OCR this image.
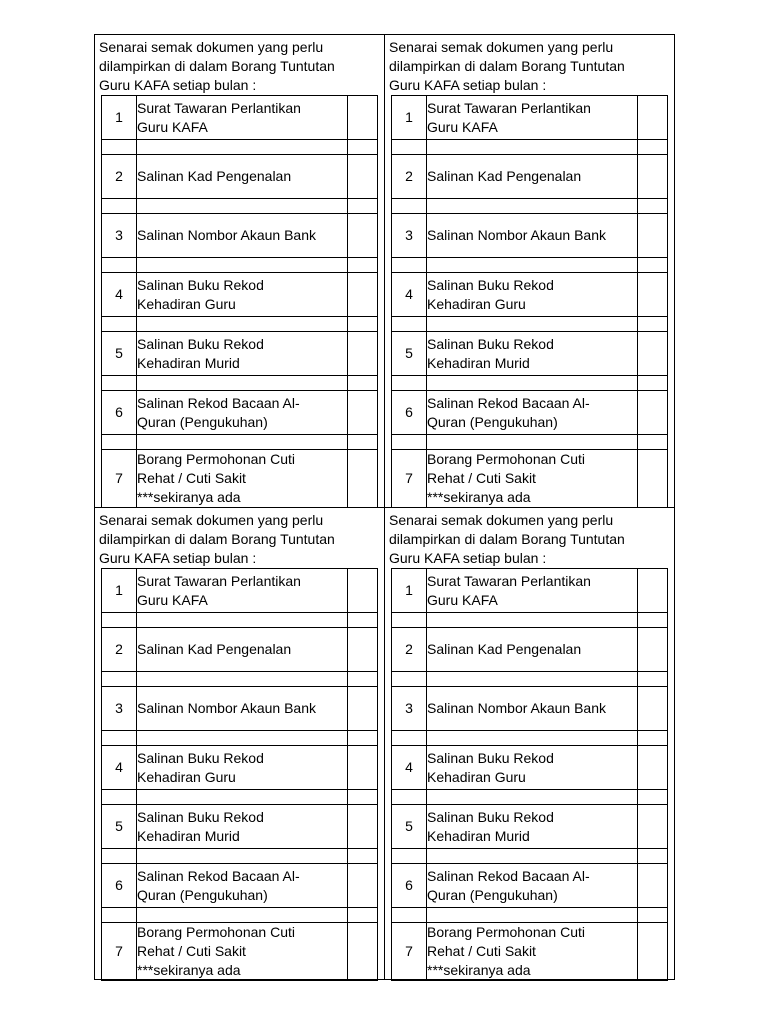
Senarai semak dokumen yang perlu
dilampirkan di dalam Borang Tuntutan
Guru KAFA setiap bulan :
1	Surat Tawaran Perlantikan
Guru KAFA	

2	Salinan Kad Pengenalan	

3	Salinan Nombor Akaun Bank	

4	Salinan Buku Rekod
Kehadiran Guru	

5	Salinan Buku Rekod
Kehadiran Murid	

6	Salinan Rekod Bacaan Al-
Quran (Pengukuhan)	

7	Borang Permohonan Cuti
Rehat / Cuti Sakit
***sekiranya ada	
Senarai semak dokumen yang perlu
dilampirkan di dalam Borang Tuntutan
Guru KAFA setiap bulan :
1	Surat Tawaran Perlantikan
Guru KAFA	

2	Salinan Kad Pengenalan	

3	Salinan Nombor Akaun Bank	

4	Salinan Buku Rekod
Kehadiran Guru	

5	Salinan Buku Rekod
Kehadiran Murid	

6	Salinan Rekod Bacaan Al-
Quran (Pengukuhan)	

7	Borang Permohonan Cuti
Rehat / Cuti Sakit
***sekiranya ada	
Senarai semak dokumen yang perlu
dilampirkan di dalam Borang Tuntutan
Guru KAFA setiap bulan :
1	Surat Tawaran Perlantikan
Guru KAFA	

2	Salinan Kad Pengenalan	

3	Salinan Nombor Akaun Bank	

4	Salinan Buku Rekod
Kehadiran Guru	

5	Salinan Buku Rekod
Kehadiran Murid	

6	Salinan Rekod Bacaan Al-
Quran (Pengukuhan)	

7	Borang Permohonan Cuti
Rehat / Cuti Sakit
***sekiranya ada	
Senarai semak dokumen yang perlu
dilampirkan di dalam Borang Tuntutan
Guru KAFA setiap bulan :
1	Surat Tawaran Perlantikan
Guru KAFA	

2	Salinan Kad Pengenalan	

3	Salinan Nombor Akaun Bank	

4	Salinan Buku Rekod
Kehadiran Guru	

5	Salinan Buku Rekod
Kehadiran Murid	

6	Salinan Rekod Bacaan Al-
Quran (Pengukuhan)	

7	Borang Permohonan Cuti
Rehat / Cuti Sakit
***sekiranya ada	
